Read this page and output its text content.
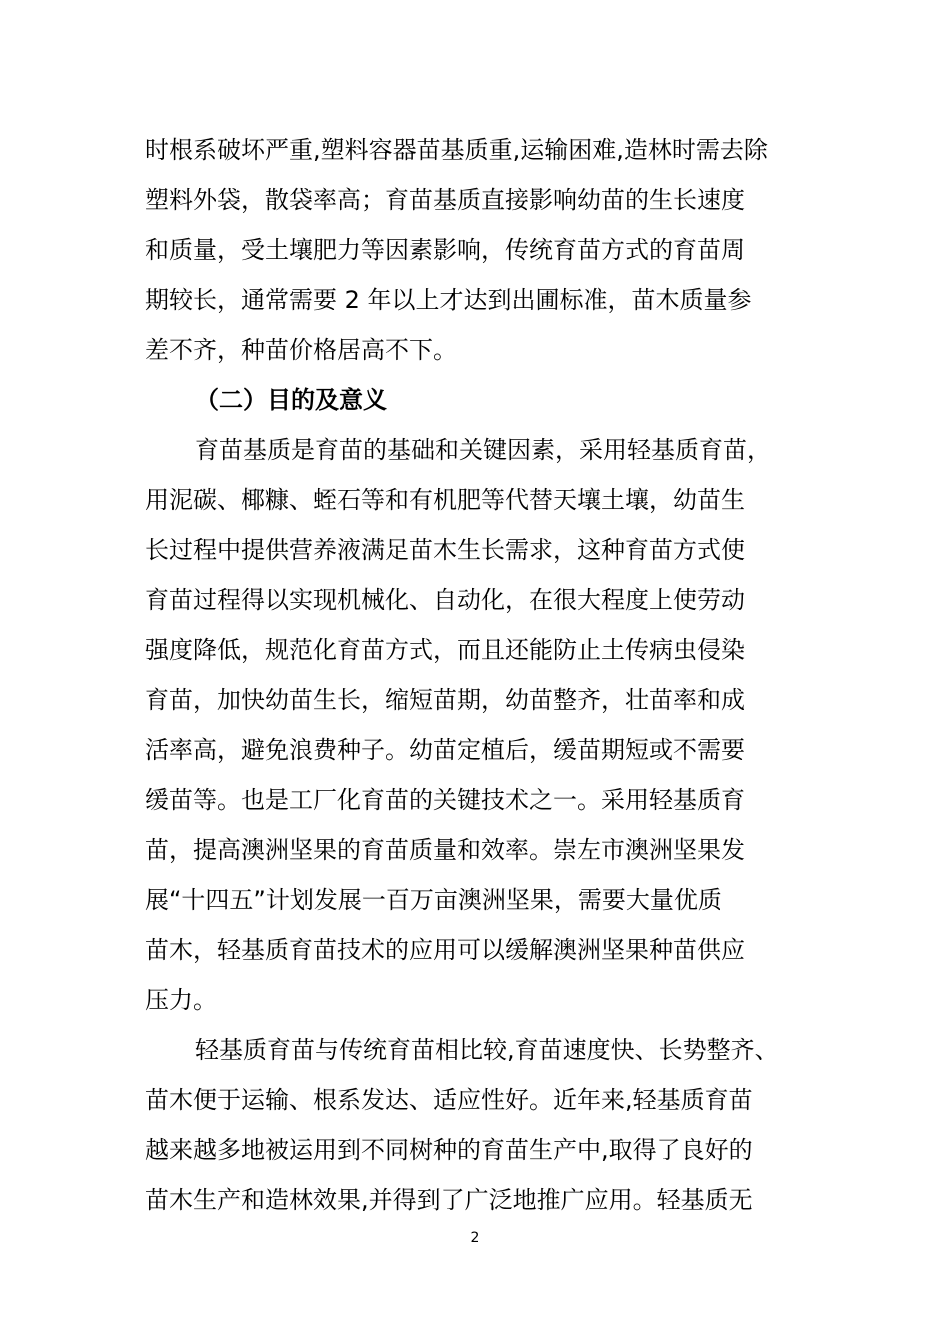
时根系破坏严重,塑料容器苗基质重,运输困难,造林时需去除
塑料外袋，散袋率高；育苗基质直接影响幼苗的生长速度
和质量，受土壤肥力等因素影响，传统育苗方式的育苗周
期较长，通常需要 2 年以上才达到出圃标准，苗木质量参
差不齐，种苗价格居高不下。
（二）目的及意义
育苗基质是育苗的基础和关键因素，采用轻基质育苗，
用泥碳、椰糠、蛭石等和有机肥等代替天壤土壤，幼苗生
长过程中提供营养液满足苗木生长需求，这种育苗方式使
育苗过程得以实现机械化、自动化，在很大程度上使劳动
强度降低，规范化育苗方式，而且还能防止土传病虫侵染
育苗，加快幼苗生长，缩短苗期，幼苗整齐，壮苗率和成
活率高，避免浪费种子。幼苗定植后，缓苗期短或不需要
缓苗等。也是工厂化育苗的关键技术之一。采用轻基质育
苗，提高澳洲坚果的育苗质量和效率。崇左市澳洲坚果发
展“十四五”计划发展一百万亩澳洲坚果，需要大量优质
苗木，轻基质育苗技术的应用可以缓解澳洲坚果种苗供应
压力。
轻基质育苗与传统育苗相比较,育苗速度快、长势整齐、
苗木便于运输、根系发达、适应性好。近年来,轻基质育苗
越来越多地被运用到不同树种的育苗生产中,取得了良好的
苗木生产和造林效果,并得到了广泛地推广应用。轻基质无
2
